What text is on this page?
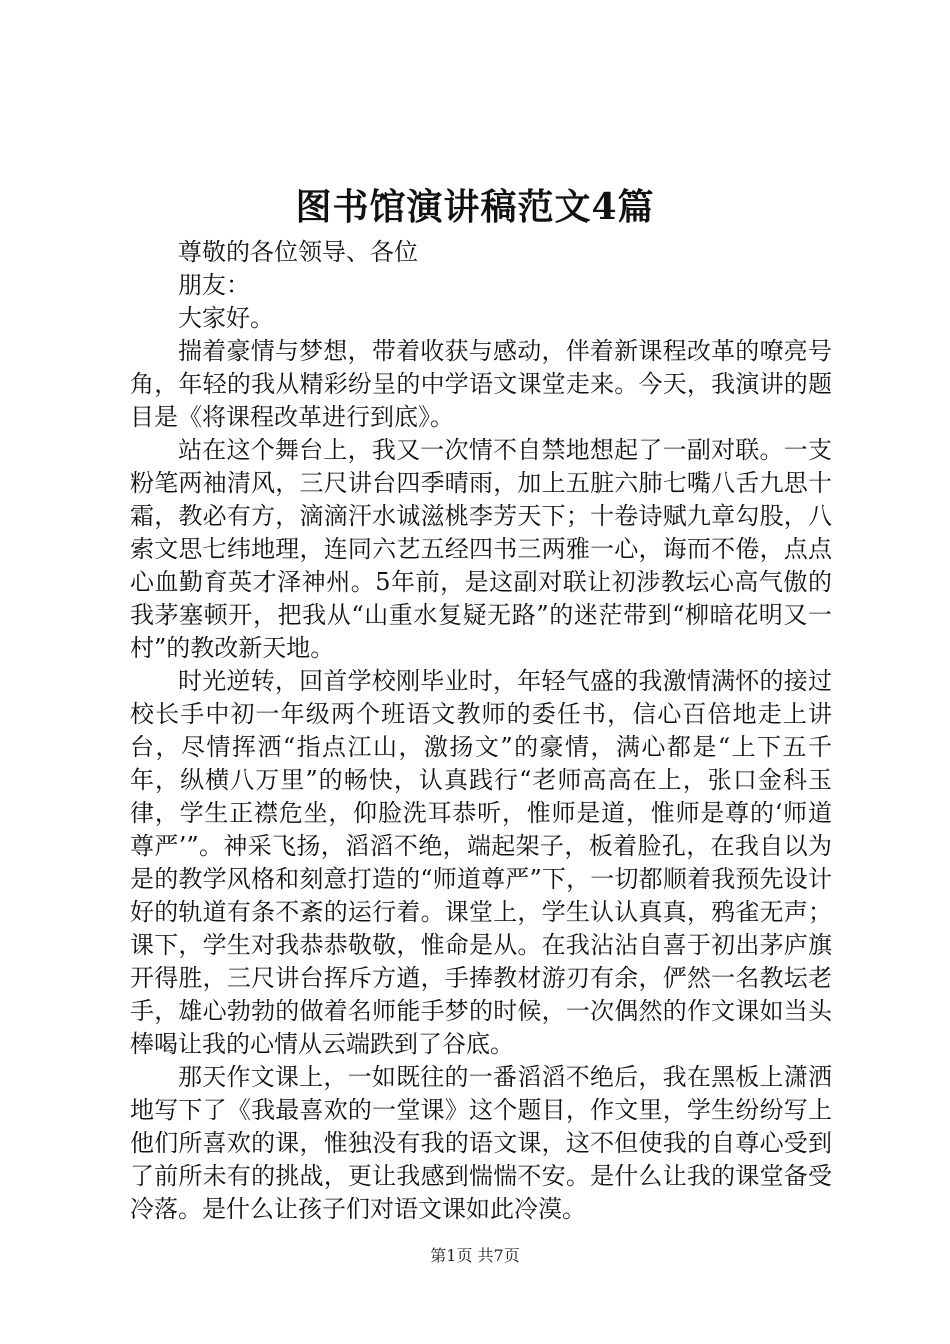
图书馆演讲稿范文4篇

尊敬的各位领导、各位

朋友：

大家好。

揣着豪情与梦想，带着收获与感动，伴着新课程改革的嘹亮号角，年轻的我从精彩纷呈的中学语文课堂走来。今天，我演讲的题目是《将课程改革进行到底》。

站在这个舞台上，我又一次情不自禁地想起了一副对联。一支粉笔两袖清风，三尺讲台四季晴雨，加上五脏六肺七嘴八舌九思十霜，教必有方，滴滴汗水诚滋桃李芳天下；十卷诗赋九章勾股，八索文思七纬地理，连同六艺五经四书三两雅一心，诲而不倦，点点心血勤育英才泽神州。5年前，是这副对联让初涉教坛心高气傲的我茅塞顿开，把我从“山重水复疑无路”的迷茫带到“柳暗花明又一村”的教改新天地。

时光逆转，回首学校刚毕业时，年轻气盛的我激情满怀的接过校长手中初一年级两个班语文教师的委任书，信心百倍地走上讲台，尽情挥洒“指点江山，激扬文”的豪情，满心都是“上下五千年，纵横八万里”的畅快，认真践行“老师高高在上，张口金科玉律，学生正襟危坐，仰脸洗耳恭听，惟师是道，惟师是尊的‘师道尊严’”。神采飞扬，滔滔不绝，端起架子，板着脸孔，在我自以为是的教学风格和刻意打造的“师道尊严”下，一切都顺着我预先设计好的轨道有条不紊的运行着。课堂上，学生认认真真，鸦雀无声；课下，学生对我恭恭敬敬，惟命是从。在我沾沾自喜于初出茅庐旗开得胜，三尺讲台挥斥方遒，手捧教材游刃有余，俨然一名教坛老手，雄心勃勃的做着名师能手梦的时候，一次偶然的作文课如当头棒喝让我的心情从云端跌到了谷底。

那天作文课上，一如既往的一番滔滔不绝后，我在黑板上潇洒地写下了《我最喜欢的一堂课》这个题目，作文里，学生纷纷写上他们所喜欢的课，惟独没有我的语文课，这不但使我的自尊心受到了前所未有的挑战，更让我感到惴惴不安。是什么让我的课堂备受冷落。是什么让孩子们对语文课如此冷漠。

第1页 共7页
